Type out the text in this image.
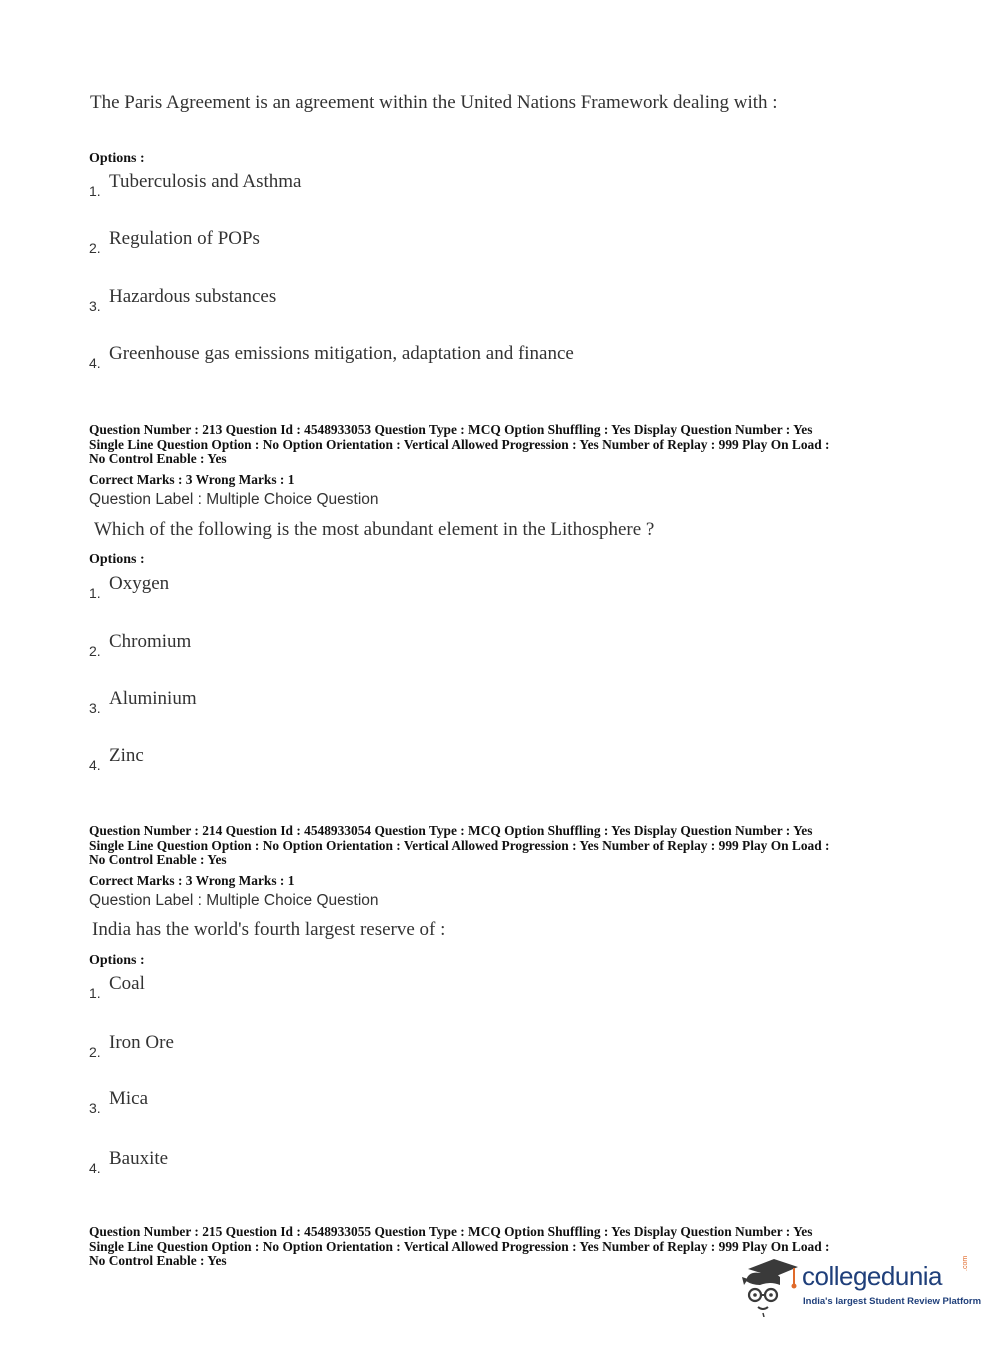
The Paris Agreement is an agreement within the United Nations Framework dealing with :
Options :
1. Tuberculosis and Asthma
2. Regulation of POPs
3. Hazardous substances
4. Greenhouse gas emissions mitigation, adaptation and finance
Question Number : 213 Question Id : 4548933053 Question Type : MCQ Option Shuffling : Yes Display Question Number : Yes
Single Line Question Option : No Option Orientation : Vertical Allowed Progression : Yes Number of Replay : 999 Play On Load :
No Control Enable : Yes
Correct Marks : 3 Wrong Marks : 1
Question Label : Multiple Choice Question
Which of the following is the most abundant element in the Lithosphere ?
Options :
1. Oxygen
2. Chromium
3. Aluminium
4. Zinc
Question Number : 214 Question Id : 4548933054 Question Type : MCQ Option Shuffling : Yes Display Question Number : Yes
Single Line Question Option : No Option Orientation : Vertical Allowed Progression : Yes Number of Replay : 999 Play On Load :
No Control Enable : Yes
Correct Marks : 3 Wrong Marks : 1
Question Label : Multiple Choice Question
India has the world's fourth largest reserve of :
Options :
1. Coal
2. Iron Ore
3. Mica
4. Bauxite
Question Number : 215 Question Id : 4548933055 Question Type : MCQ Option Shuffling : Yes Display Question Number : Yes
Single Line Question Option : No Option Orientation : Vertical Allowed Progression : Yes Number of Replay : 999 Play On Load :
No Control Enable : Yes
collegedunia	.com
India's largest Student Review Platform
